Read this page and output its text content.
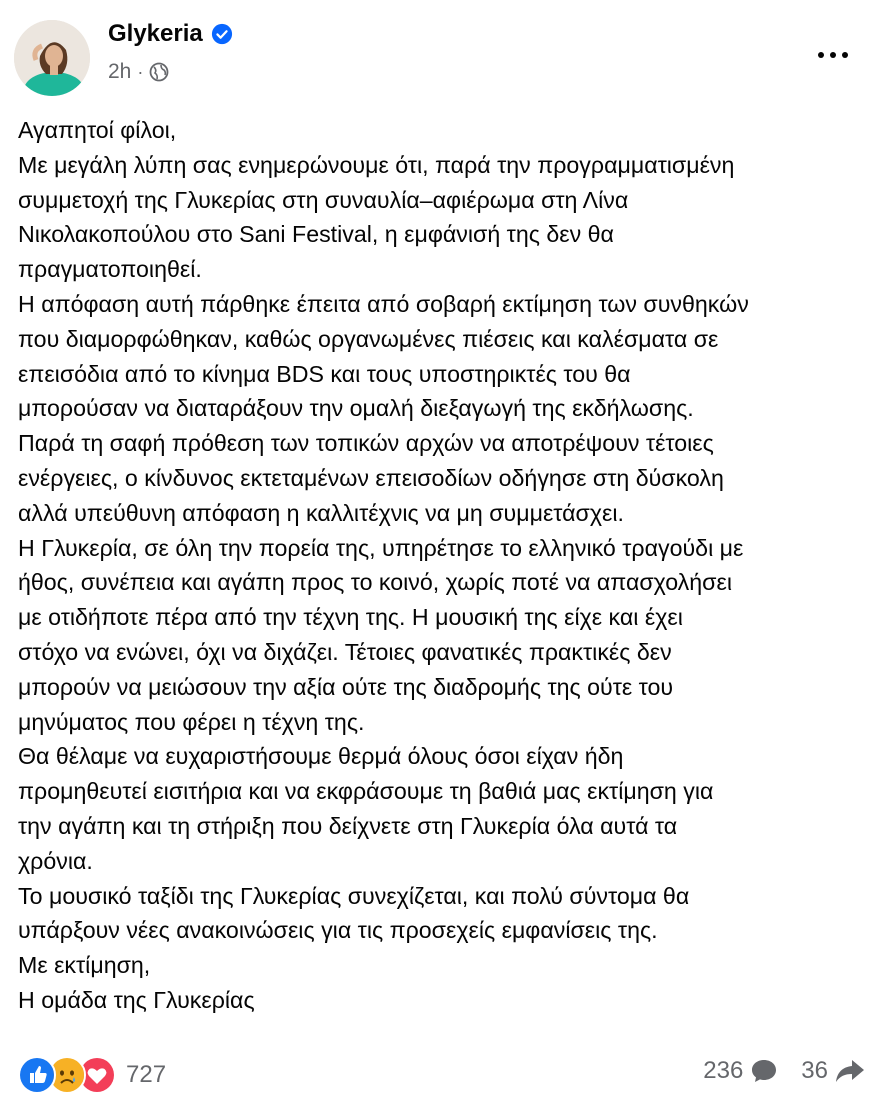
Glykeria
2h ·

Αγαπητοί φίλοι,

Με μεγάλη λύπη σας ενημερώνουμε ότι, παρά την προγραμματισμένη

συμμετοχή της Γλυκερίας στη συναυλία–αφιέρωμα στη Λίνα

Νικολακοπούλου στο Sani Festival, η εμφάνισή της δεν θα

πραγματοποιηθεί.

Η απόφαση αυτή πάρθηκε έπειτα από σοβαρή εκτίμηση των συνθηκών

που διαμορφώθηκαν, καθώς οργανωμένες πιέσεις και καλέσματα σε

επεισόδια από το κίνημα BDS και τους υποστηρικτές του θα

μπορούσαν να διαταράξουν την ομαλή διεξαγωγή της εκδήλωσης.

Παρά τη σαφή πρόθεση των τοπικών αρχών να αποτρέψουν τέτοιες

ενέργειες, ο κίνδυνος εκτεταμένων επεισοδίων οδήγησε στη δύσκολη

αλλά υπεύθυνη απόφαση η καλλιτέχνις να μη συμμετάσχει.

Η Γλυκερία, σε όλη την πορεία της, υπηρέτησε το ελληνικό τραγούδι με

ήθος, συνέπεια και αγάπη προς το κοινό, χωρίς ποτέ να απασχολήσει

με οτιδήποτε πέρα από την τέχνη της. Η μουσική της είχε και έχει

στόχο να ενώνει, όχι να διχάζει. Τέτοιες φανατικές πρακτικές δεν

μπορούν να μειώσουν την αξία ούτε της διαδρομής της ούτε του

μηνύματος που φέρει η τέχνη της.

Θα θέλαμε να ευχαριστήσουμε θερμά όλους όσοι είχαν ήδη

προμηθευτεί εισιτήρια και να εκφράσουμε τη βαθιά μας εκτίμηση για

την αγάπη και τη στήριξη που δείχνετε στη Γλυκερία όλα αυτά τα

χρόνια.

Το μουσικό ταξίδι της Γλυκερίας συνεχίζεται, και πολύ σύντομα θα

υπάρξουν νέες ανακοινώσεις για τις προσεχείς εμφανίσεις της.

Με εκτίμηση,

Η ομάδα της Γλυκερίας

727	236 36
